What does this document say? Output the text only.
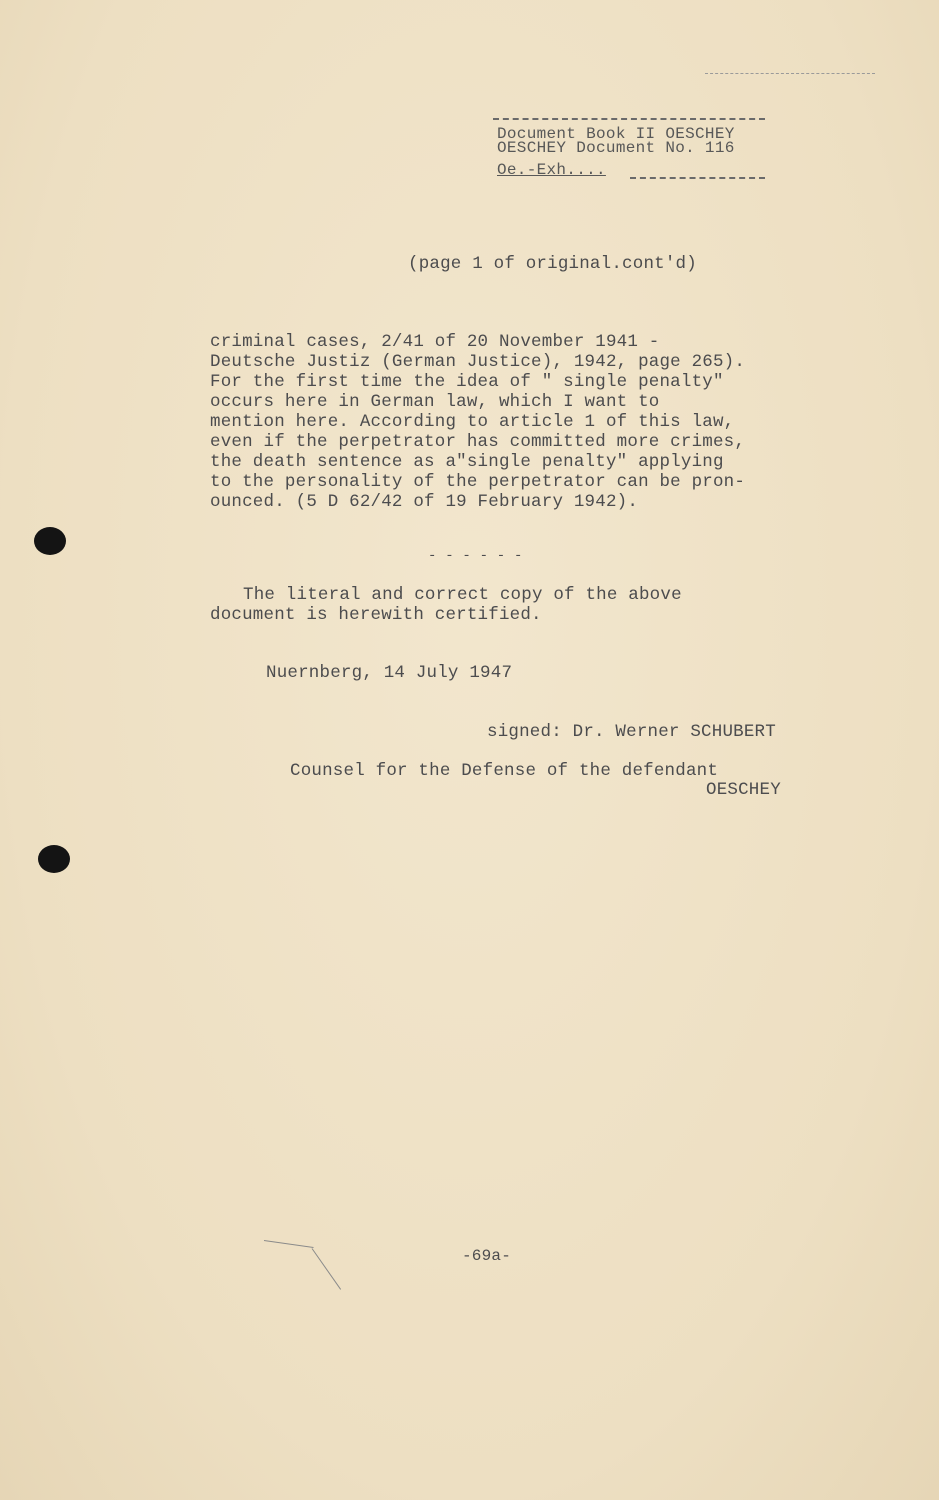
Document Book II OESCHEY
OESCHEY Document No. 116
Oe.-Exh....
(page 1 of original.cont'd)
criminal cases, 2/41 of 20 November 1941 -
Deutsche Justiz (German Justice), 1942, page 265).
For the first time the idea of " single penalty"
occurs here in German law, which I want to
mention here. According to article 1 of this law,
even if the perpetrator has committed more crimes,
the death sentence as a"single penalty" applying
to the personality of the perpetrator can be pron-
ounced. (5 D 62/42 of 19 February 1942).
- - - - - -
The literal and correct copy of the above
document is herewith certified.
Nuernberg, 14 July 1947
signed: Dr. Werner SCHUBERT
Counsel for the Defense of the defendant
OESCHEY
-69a-
